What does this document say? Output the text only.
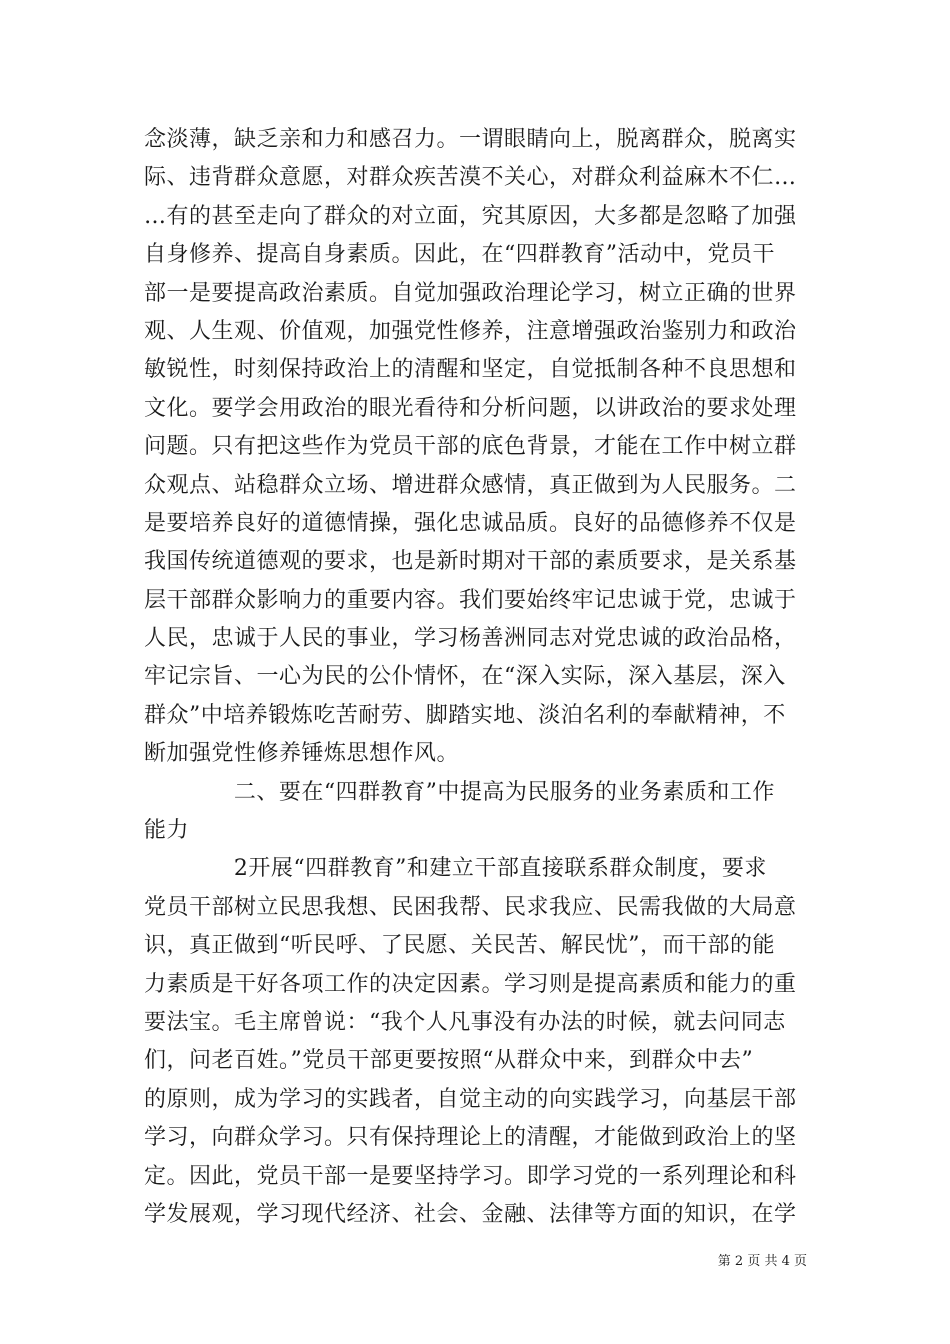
念淡薄，缺乏亲和力和感召力。一谓眼睛向上，脱离群众，脱离实
际、违背群众意愿，对群众疾苦漠不关心，对群众利益麻木不仁…
…有的甚至走向了群众的对立面，究其原因，大多都是忽略了加强
自身修养、提高自身素质。因此，在“四群教育”活动中，党员干
部一是要提高政治素质。自觉加强政治理论学习，树立正确的世界
观、人生观、价值观，加强党性修养，注意增强政治鉴别力和政治
敏锐性，时刻保持政治上的清醒和坚定，自觉抵制各种不良思想和
文化。要学会用政治的眼光看待和分析问题，以讲政治的要求处理
问题。只有把这些作为党员干部的底色背景，才能在工作中树立群
众观点、站稳群众立场、增进群众感情，真正做到为人民服务。二
是要培养良好的道德情操，强化忠诚品质。良好的品德修养不仅是
我国传统道德观的要求，也是新时期对干部的素质要求，是关系基
层干部群众影响力的重要内容。我们要始终牢记忠诚于党，忠诚于
人民，忠诚于人民的事业，学习杨善洲同志对党忠诚的政治品格，
牢记宗旨、一心为民的公仆情怀，在“深入实际，深入基层，深入
群众”中培养锻炼吃苦耐劳、脚踏实地、淡泊名利的奉献精神，不
断加强党性修养锤炼思想作风。
二、要在“四群教育”中提高为民服务的业务素质和工作
能力
2开展“四群教育”和建立干部直接联系群众制度，要求
党员干部树立民思我想、民困我帮、民求我应、民需我做的大局意
识，真正做到“听民呼、了民愿、关民苦、解民忧”，而干部的能
力素质是干好各项工作的决定因素。学习则是提高素质和能力的重
要法宝。毛主席曾说：“我个人凡事没有办法的时候，就去问同志
们，问老百姓。”党员干部更要按照“从群众中来，到群众中去”
的原则，成为学习的实践者，自觉主动的向实践学习，向基层干部
学习，向群众学习。只有保持理论上的清醒，才能做到政治上的坚
定。因此，党员干部一是要坚持学习。即学习党的一系列理论和科
学发展观，学习现代经济、社会、金融、法律等方面的知识，在学
第 2 页 共 4 页
